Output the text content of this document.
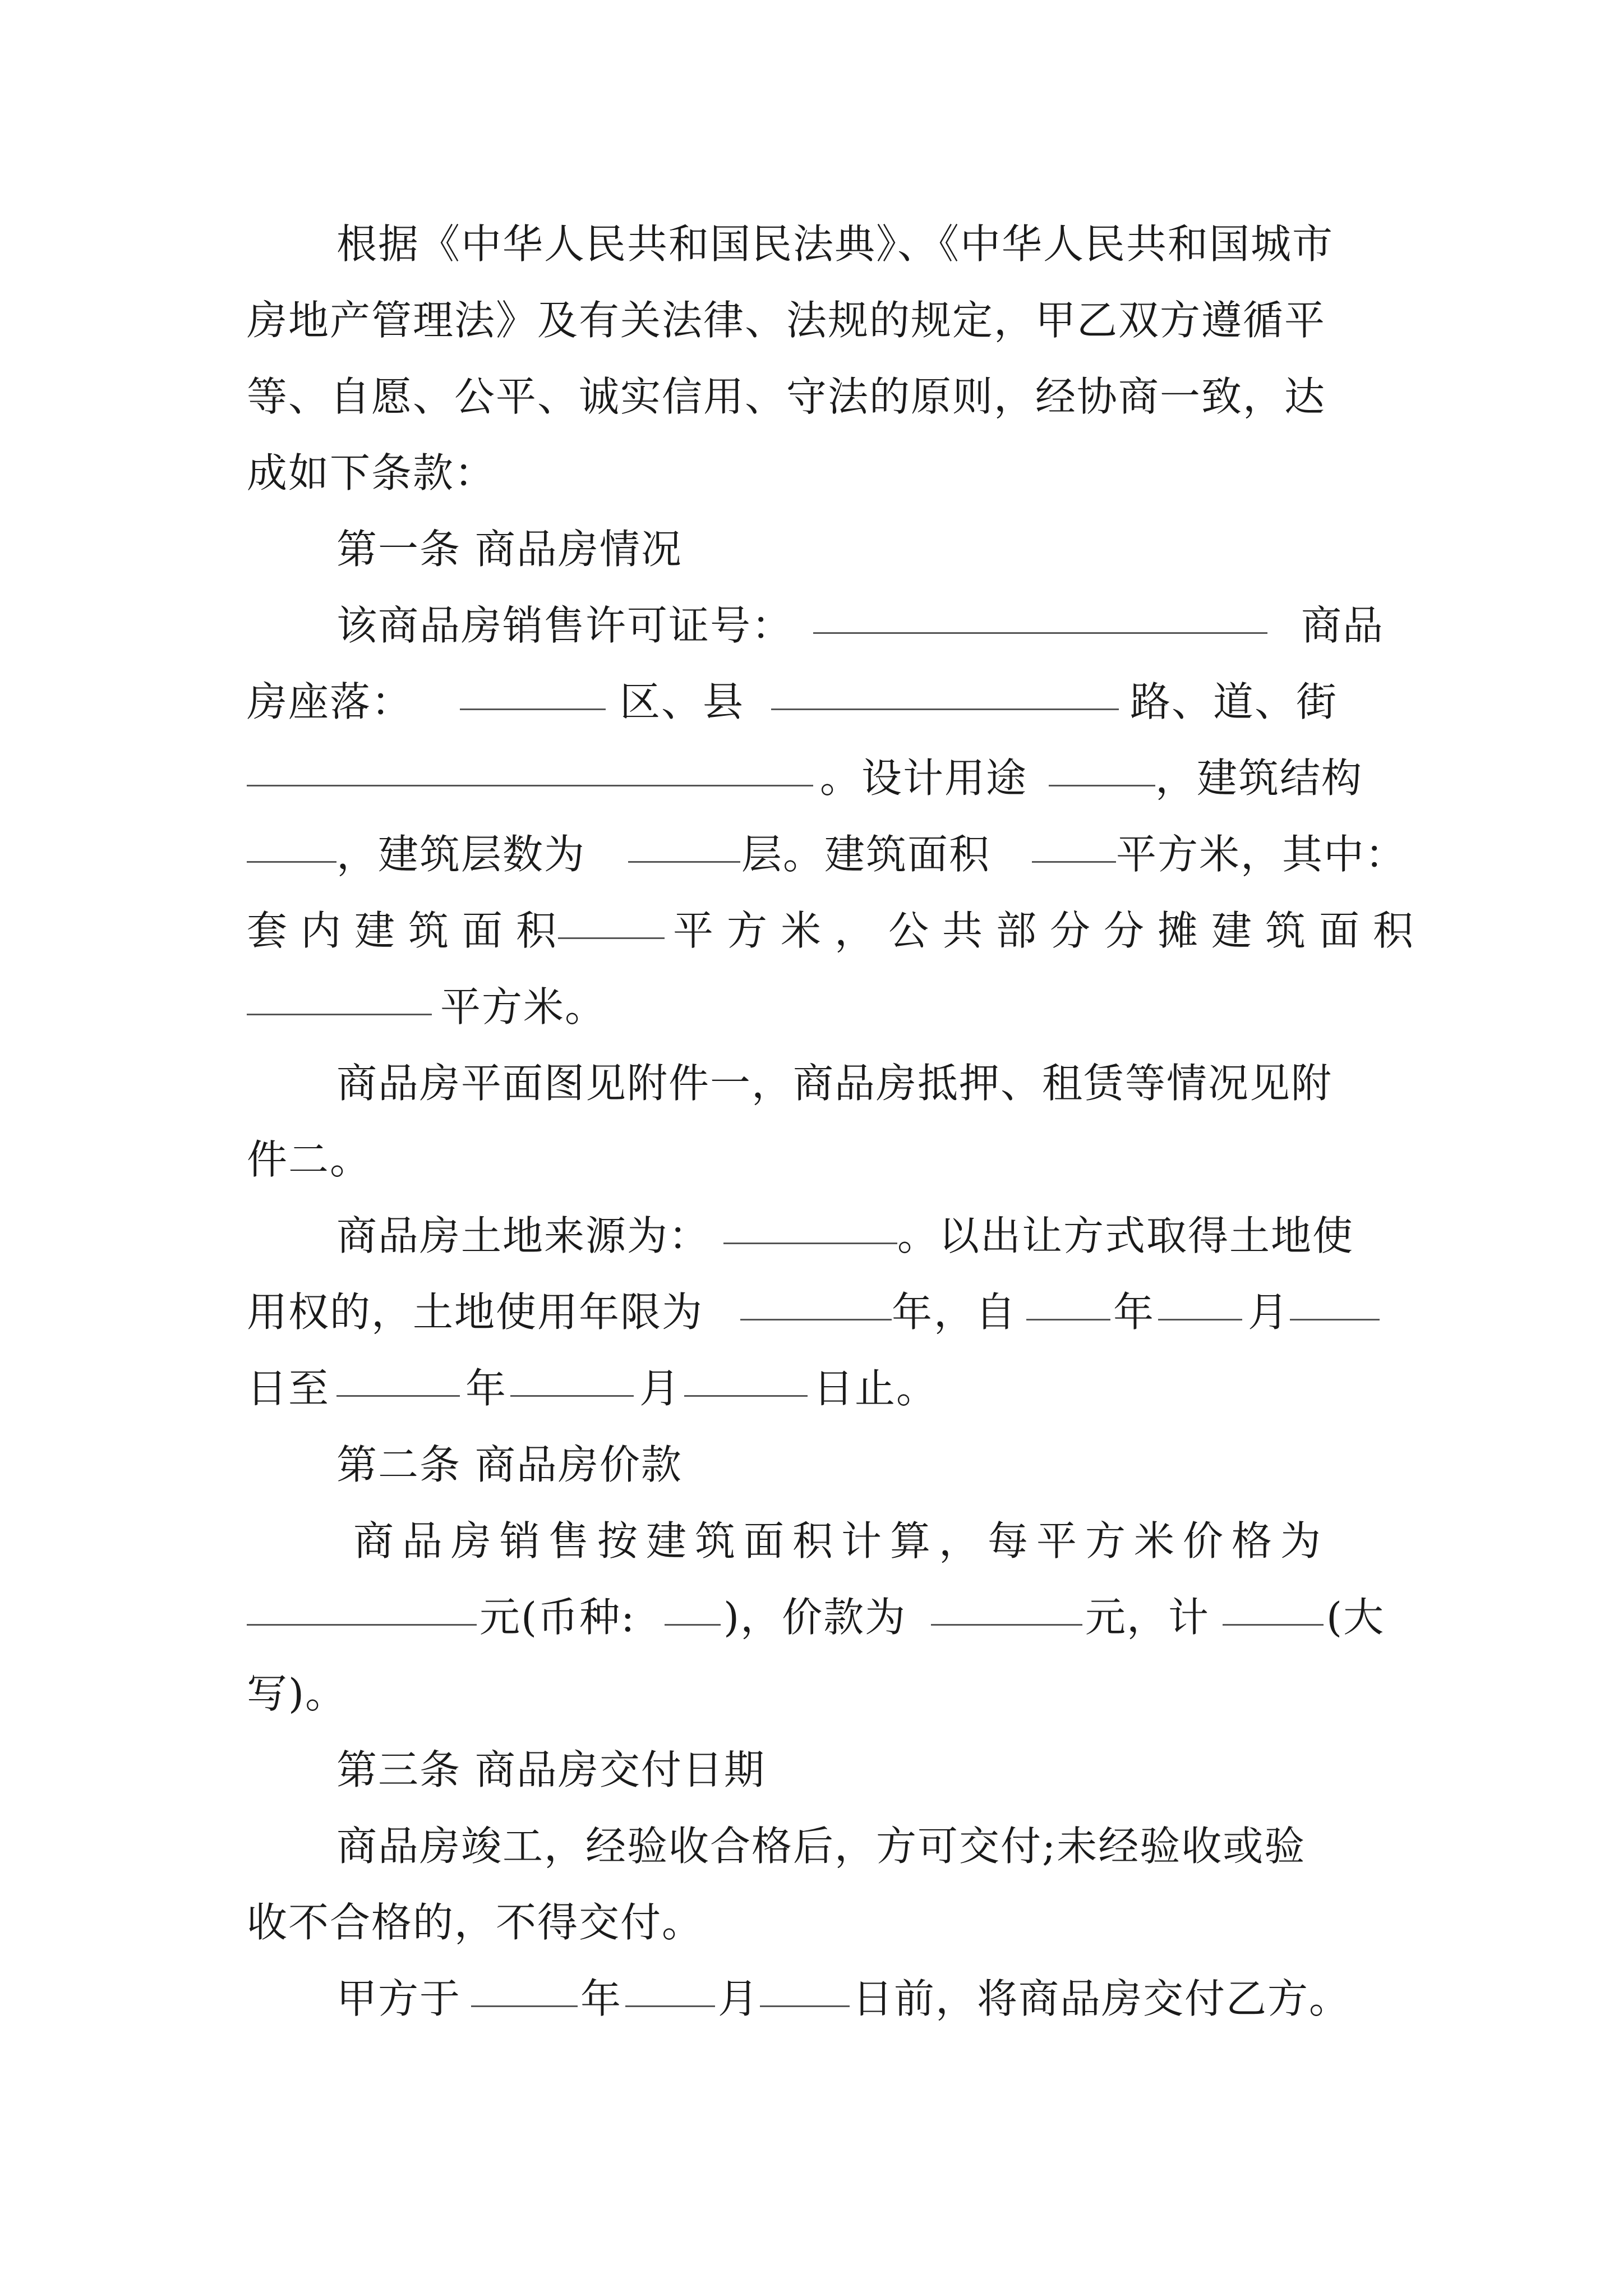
根据《中华人民共和国民法典》、《中华人民共和国城市
房地产管理法》及有关法律、法规的规定，甲乙双方遵循平
等、自愿、公平、诚实信用、守法的原则，经协商一致，达
成如下条款：
第一条 商品房情况
该商品房销售许可证号：	商品
房座落：	区、县	路、道、街
。设计用途	，建筑结构
，建筑层数为	层。建筑面积	平方米，其中：
套内建筑面积	平方米，公共部分分摊建筑面积
平方米。
商品房平面图见附件一，商品房抵押、租赁等情况见附
件二。
商品房土地来源为：	。以出让方式取得土地使
用权的，土地使用年限为	年 ，自 年 月
日至	年	月	日止。
第二条 商品房价款
商品房销售按建筑面积计算，每平方米价格为
元(币种: )，价款为	元，计	(大
写)。
第三条 商品房交付日期
商品房竣工，经验收合格后，方可交付;未经验收或验
收不合格的，不得交付。
甲方于	年 月 日前，将商品房交付乙方。
